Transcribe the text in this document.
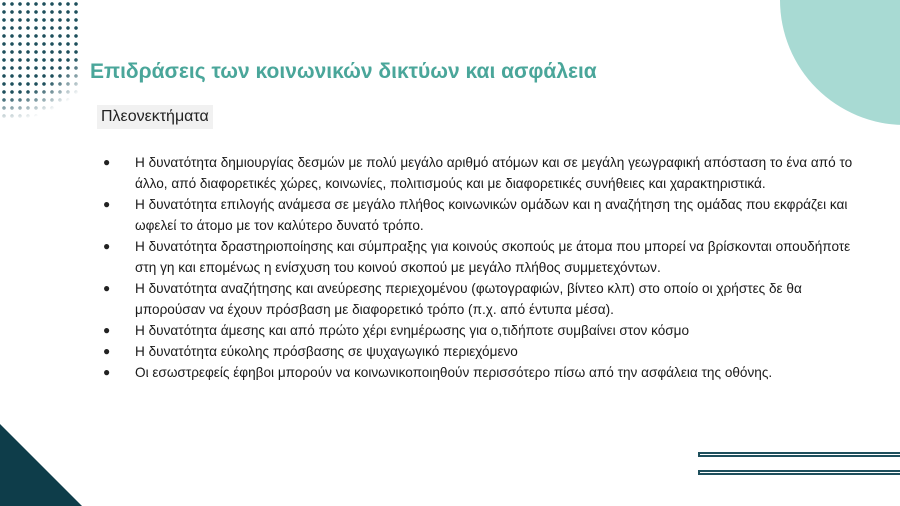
Επιδράσεις των κοινωνικών δικτύων και ασφάλεια
Πλεονεκτήματα
● Η δυνατότητα δημιουργίας δεσμών με πολύ μεγάλο αριθμό ατόμων και σε μεγάλη γεωγραφική απόσταση το ένα από το άλλο, από διαφορετικές χώρες, κοινωνίες, πολιτισμούς και με διαφορετικές συνήθειες και χαρακτηριστικά.
● Η δυνατότητα επιλογής ανάμεσα σε μεγάλο πλήθος κοινωνικών ομάδων και η αναζήτηση της ομάδας που εκφράζει και ωφελεί το άτομο με τον καλύτερο δυνατό τρόπο.
● Η δυνατότητα δραστηριοποίησης και σύμπραξης για κοινούς σκοπούς με άτομα που μπορεί να βρίσκονται οπουδήποτε στη γη και επομένως η ενίσχυση του κοινού σκοπού με μεγάλο πλήθος συμμετεχόντων.
● Η δυνατότητα αναζήτησης και ανεύρεσης περιεχομένου (φωτογραφιών, βίντεο κλπ) στο οποίο οι χρήστες δε θα μπορούσαν να έχουν πρόσβαση με διαφορετικό τρόπο (π.χ. από έντυπα μέσα).
● Η δυνατότητα άμεσης και από πρώτο χέρι ενημέρωσης για ο,τιδήποτε συμβαίνει στον κόσμο
● Η δυνατότητα εύκολης πρόσβασης σε ψυχαγωγικό περιεχόμενο
● Οι εσωστρεφείς έφηβοι μπορούν να κοινωνικοποιηθούν περισσότερο πίσω από την ασφάλεια της οθόνης.
